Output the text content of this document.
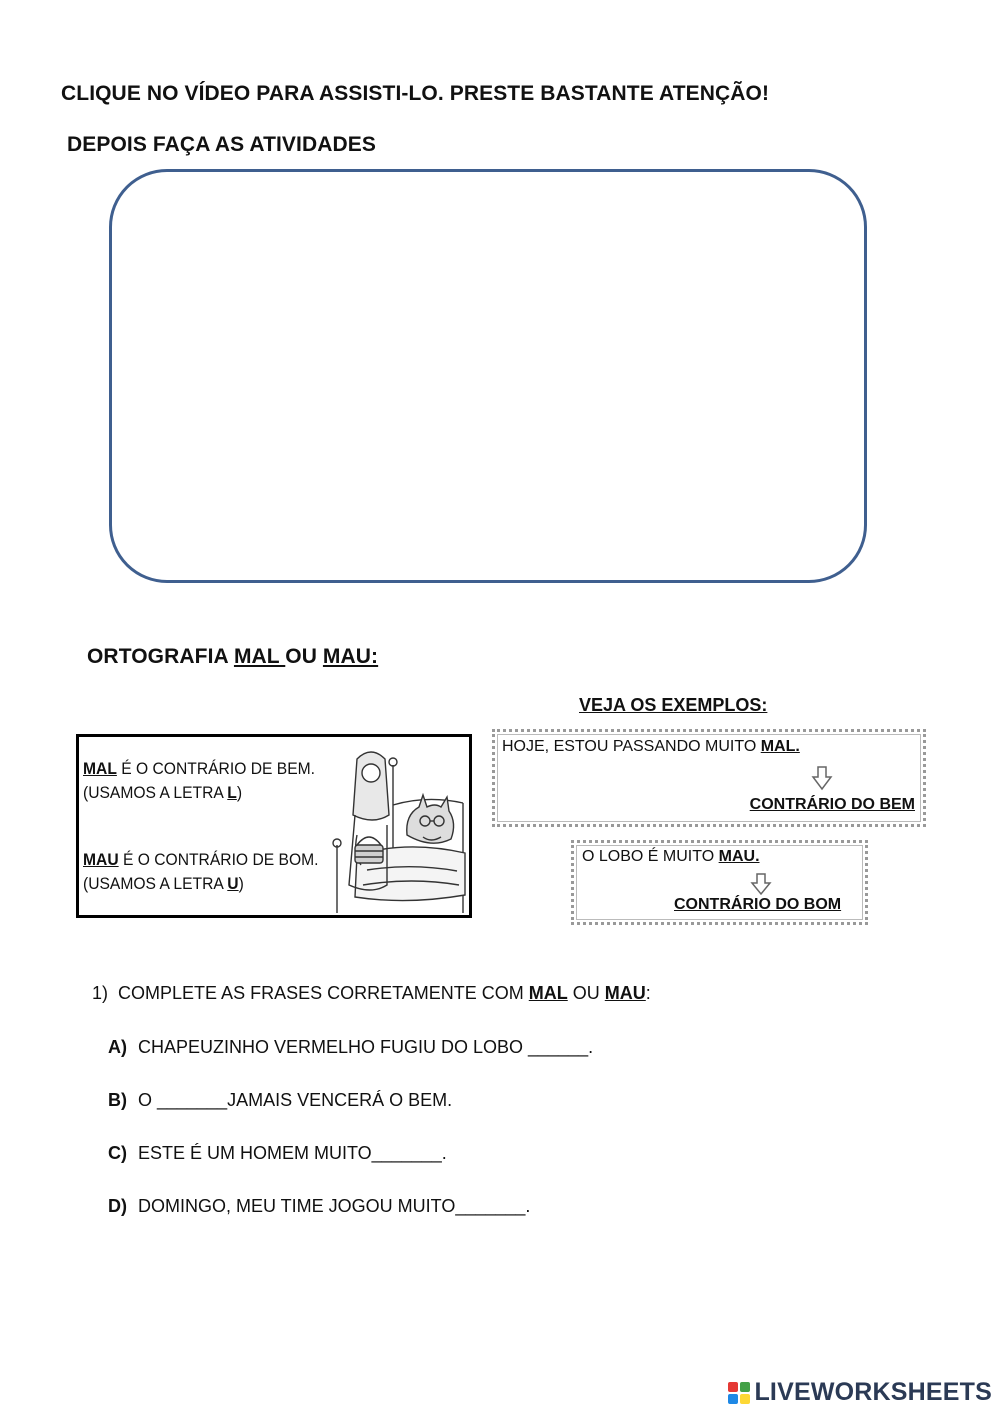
CLIQUE NO VÍDEO PARA ASSISTI-LO. PRESTE BASTANTE ATENÇÃO!
DEPOIS FAÇA AS ATIVIDADES
ORTOGRAFIA MAL OU MAU:
VEJA OS EXEMPLOS:
MAL É O CONTRÁRIO DE BEM.
(USAMOS A LETRA L)
MAU É O CONTRÁRIO DE BOM.
(USAMOS A LETRA U)
HOJE, ESTOU PASSANDO MUITO MAL.
CONTRÁRIO DO BEM
O LOBO É MUITO MAU.
CONTRÁRIO DO BOM
1) COMPLETE AS FRASES CORRETAMENTE COM MAL OU MAU:
A) CHAPEUZINHO VERMELHO FUGIU DO LOBO ______.
B) O _______JAMAIS VENCERÁ O BEM.
C) ESTE É UM HOMEM MUITO_______.
D) DOMINGO, MEU TIME JOGOU MUITO_______.
LIVEWORKSHEETS
